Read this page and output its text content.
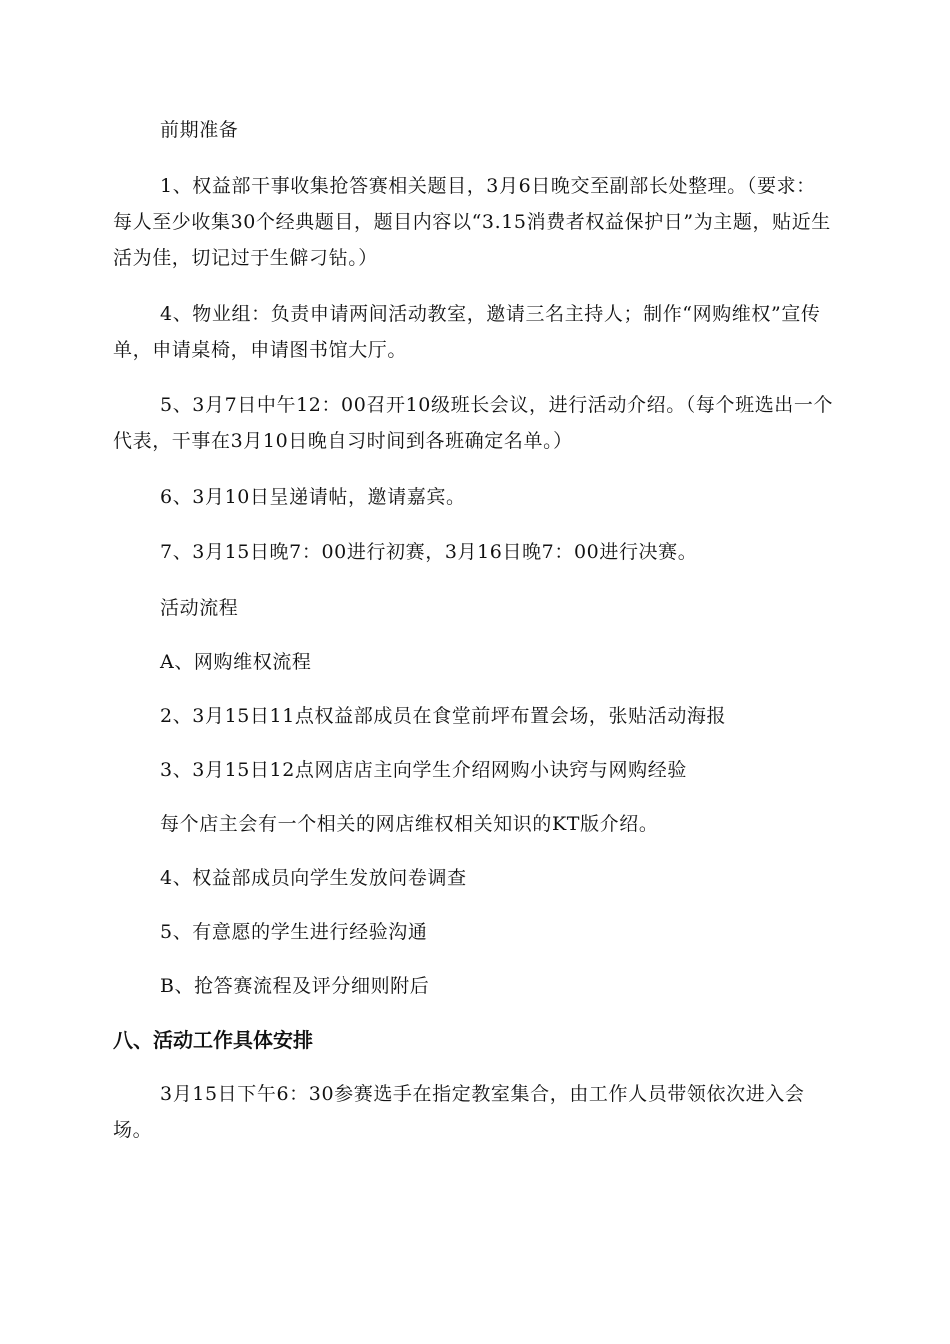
前期准备

1、权益部干事收集抢答赛相关题目，3月6日晚交至副部长处整理。（要求：每人至少收集30个经典题目，题目内容以“3.15消费者权益保护日”为主题，贴近生活为佳，切记过于生僻刁钻。）

4、物业组：负责申请两间活动教室，邀请三名主持人；制作“网购维权”宣传单，申请桌椅，申请图书馆大厅。

5、3月7日中午12：00召开10级班长会议，进行活动介绍。（每个班选出一个代表，干事在3月10日晚自习时间到各班确定名单。）

6、3月10日呈递请帖，邀请嘉宾。

7、3月15日晚7：00进行初赛，3月16日晚7：00进行决赛。

活动流程

A、网购维权流程

2、3月15日11点权益部成员在食堂前坪布置会场，张贴活动海报

3、3月15日12点网店店主向学生介绍网购小诀窍与网购经验

每个店主会有一个相关的网店维权相关知识的KT版介绍。

4、权益部成员向学生发放问卷调查

5、有意愿的学生进行经验沟通

B、抢答赛流程及评分细则附后

八、活动工作具体安排

3月15日下午6：30参赛选手在指定教室集合，由工作人员带领依次进入会场。
